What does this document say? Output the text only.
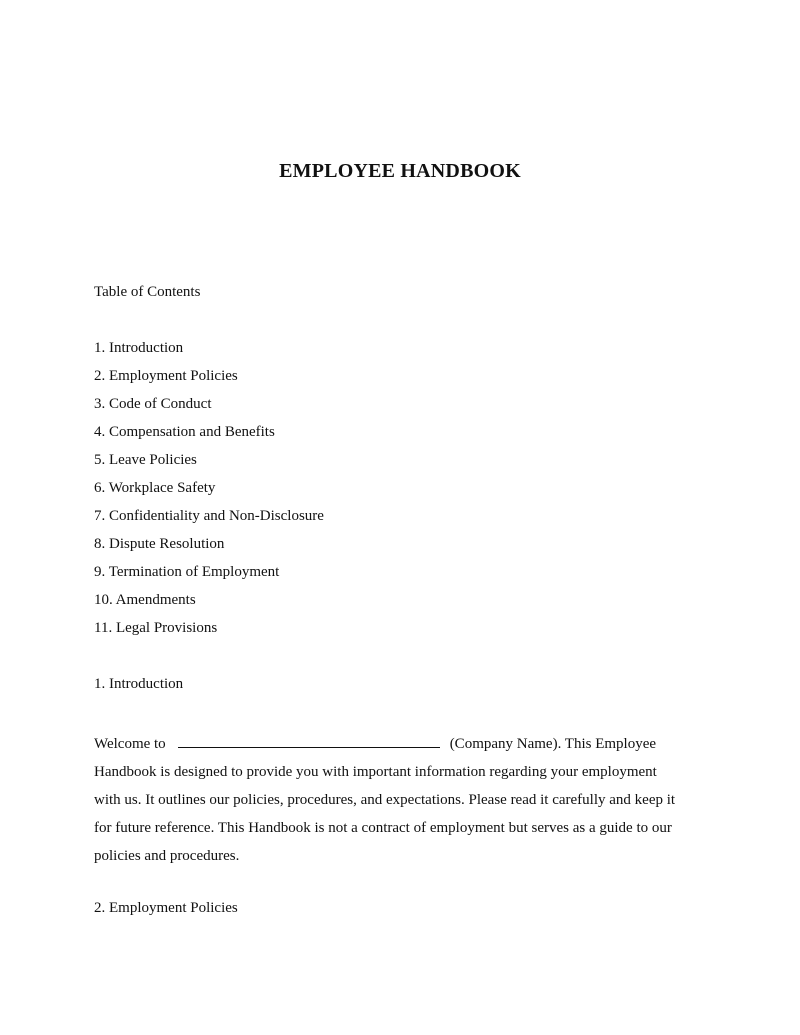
EMPLOYEE HANDBOOK
Table of Contents
1. Introduction
2. Employment Policies
3. Code of Conduct
4. Compensation and Benefits
5. Leave Policies
6. Workplace Safety
7. Confidentiality and Non-Disclosure
8. Dispute Resolution
9. Termination of Employment
10. Amendments
11. Legal Provisions
1. Introduction
Welcome to	(Company Name). This Employee
Handbook is designed to provide you with important information regarding your employment
with us. It outlines our policies, procedures, and expectations. Please read it carefully and keep it
for future reference. This Handbook is not a contract of employment but serves as a guide to our
policies and procedures.
2. Employment Policies
